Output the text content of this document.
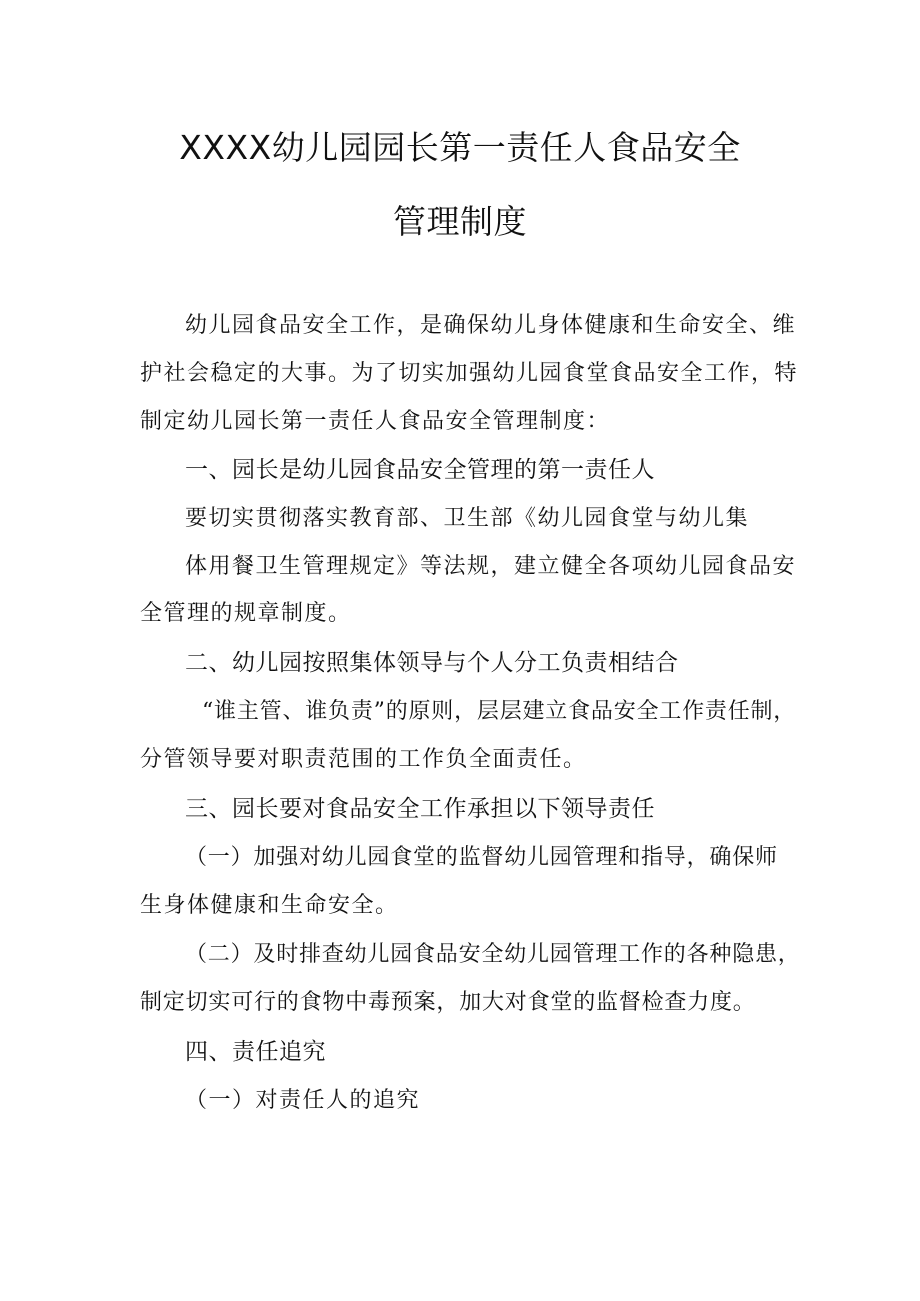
XXXX幼儿园园长第一责任人食品安全
管理制度
幼儿园食品安全工作，是确保幼儿身体健康和生命安全、维
护社会稳定的大事。为了切实加强幼儿园食堂食品安全工作，特
制定幼儿园长第一责任人食品安全管理制度：
一、园长是幼儿园食品安全管理的第一责任人
要切实贯彻落实教育部、卫生部《幼儿园食堂与幼儿集
体用餐卫生管理规定》等法规，建立健全各项幼儿园食品安
全管理的规章制度。
二、幼儿园按照集体领导与个人分工负责相结合
“谁主管、谁负责”的原则，层层建立食品安全工作责任制，
分管领导要对职责范围的工作负全面责任。
三、园长要对食品安全工作承担以下领导责任
（一）加强对幼儿园食堂的监督幼儿园管理和指导，确保师
生身体健康和生命安全。
（二）及时排查幼儿园食品安全幼儿园管理工作的各种隐患，
制定切实可行的食物中毒预案，加大对食堂的监督检查力度。
四、责任追究
（一）对责任人的追究
